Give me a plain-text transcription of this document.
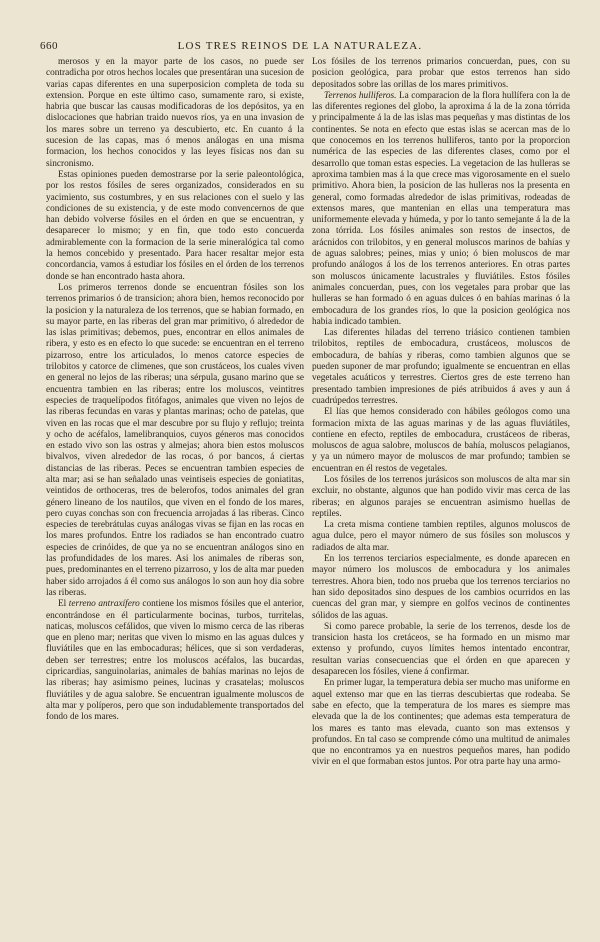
660	LOS TRES REINOS DE LA NATURALEZA.

merosos y en la mayor parte de los casos, no puede ser contradicha por otros hechos locales que presentáran una sucesion de varias capas diferentes en una superposicion completa de toda su extension. Porque en este último caso, sumamente raro, si existe, habria que buscar las causas modificadoras de los depósitos, ya en dislocaciones que habrian traido nuevos ríos, ya en una invasion de los mares sobre un terreno ya descubierto, etc. En cuanto á la sucesion de las capas, mas ó menos análogas en una misma formacion, los hechos conocidos y las leyes físicas nos dan su sincronismo.

Estas opiniones pueden demostrarse por la serie paleontológica, por los restos fósiles de seres organizados, considerados en su yacimiento, sus costumbres, y en sus relaciones con el suelo y las condiciones de su existencia, y de este modo convencernos de que han debido volverse fósiles en el órden en que se encuentran, y desaparecer lo mismo; y en fin, que todo esto concuerda admirablemente con la formacion de la serie mineralógica tal como la hemos concebido y presentado. Para hacer resaltar mejor esta concordancia, vamos á estudiar los fósiles en el órden de los terrenos donde se han encontrado hasta ahora.

Los primeros terrenos donde se encuentran fósiles son los terrenos primarios ó de transicion; ahora bien, hemos reconocido por la posicion y la naturaleza de los terrenos, que se habian formado, en su mayor parte, en las riberas del gran mar primitivo, ó alrededor de las islas primitivas; debemos, pues, encontrar en ellos animales de ribera, y esto es en efecto lo que sucede: se encuentran en el terreno pizarroso, entre los articulados, lo menos catorce especies de trilobitos y catorce de climenes, que son crustáceos, los cuales viven en general no lejos de las riberas; una sérpula, gusano marino que se encuentra tambien en las riberas; entre los moluscos, veintitres especies de traquelípodos fitófagos, animales que viven no lejos de las riberas fecundas en varas y plantas marinas; ocho de patelas, que viven en las rocas que el mar descubre por su flujo y reflujo; treinta y ocho de acéfalos, lamelibranquios, cuyos géneros mas conocidos en estado vivo son las ostras y almejas; ahora bien estos moluscos bivalvos, viven alrededor de las rocas, ó por bancos, á ciertas distancias de las riberas. Peces se encuentran tambien especies de alta mar; asi se han señalado unas veintiseis especies de goniatitas, veintidos de orthoceras, tres de belerofos, todos animales del gran género lineano de los nautilos, que viven en el fondo de los mares, pero cuyas conchas son con frecuencia arrojadas á las riberas. Cinco especies de terebrátulas cuyas análogas vivas se fijan en las rocas en los mares profundos. Entre los radiados se han encontrado cuatro especies de crinóides, de que ya no se encuentran análogos sino en las profundidades de los mares. Asi los animales de riberas son, pues, predominantes en el terreno pizarroso, y los de alta mar pueden haber sido arrojados á él como sus análogos lo son aun hoy dia sobre las riberas.

El terreno antraxífero contiene los mismos fósiles que el anterior, encontrándose en él particularmente bocinas, turbos, turritelas, naticas, moluscos cefálidos, que viven lo mismo cerca de las riberas que en pleno mar; neritas que viven lo mismo en las aguas dulces y fluviátiles que en las embocaduras; hélices, que si son verdaderas, deben ser terrestres; entre los moluscos acéfalos, las bucardas, cipricardias, sanguinolarias, animales de bahías marinas no lejos de las riberas; hay asimismo peines, lucinas y crasatelas; moluscos fluviátiles y de agua salobre. Se encuentran igualmente moluscos de alta mar y políperos, pero que son indudablemente transportados del fondo de los mares.

Los fósiles de los terrenos primarios concuerdan, pues, con su posicion geológica, para probar que estos terrenos han sido depositados sobre las orillas de los mares primitivos.

Terrenos hulliferos. La comparacion de la flora hullífera con la de las diferentes regiones del globo, la aproxima á la de la zona tórrida y principalmente á la de las islas mas pequeñas y mas distintas de los continentes. Se nota en efecto que estas islas se acercan mas de lo que conocemos en los terrenos hulliferos, tanto por la proporcion numérica de las especies de las diferentes clases, como por el desarrollo que toman estas especies. La vegetacion de las hulleras se aproxima tambien mas á la que crece mas vigorosamente en el suelo primitivo. Ahora bien, la posicion de las hulleras nos la presenta en general, como formadas alrededor de islas primitivas, rodeadas de extensos mares, que mantenian en ellas una temperatura mas uniformemente elevada y húmeda, y por lo tanto semejante á la de la zona tórrida. Los fósiles animales son restos de insectos, de arácnidos con trilobitos, y en general moluscos marinos de bahías y de aguas salobres; peines, mias y unio; ó bien moluscos de mar profundo análogos á los de los terrenos anteriores. En otras partes son moluscos únicamente lacustrales y fluviátiles. Estos fósiles animales concuerdan, pues, con los vegetales para probar que las hulleras se han formado ó en aguas dulces ó en bahías marinas ó la embocadura de los grandes ríos, lo que la posicion geológica nos habia indicado tambien.

Las diferentes hiladas del terreno triásico contienen tambien trilobitos, reptiles de embocadura, crustáceos, moluscos de embocadura, de bahías y riberas, como tambien algunos que se pueden suponer de mar profundo; igualmente se encuentran en ellas vegetales acuáticos y terrestres. Ciertos gres de este terreno han presentado tambien impresiones de piés atribuidos á aves y aun á cuadrúpedos terrestres.

El lías que hemos considerado con hábiles geólogos como una formacion mixta de las aguas marinas y de las aguas fluviátiles, contiene en efecto, reptiles de embocadura, crustáceos de riberas, moluscos de agua salobre, moluscos de bahía, moluscos pelagianos, y ya un número mayor de moluscos de mar profundo; tambien se encuentran en él restos de vegetales.

Los fósiles de los terrenos jurásicos son moluscos de alta mar sin excluir, no obstante, algunos que han podido vivir mas cerca de las riberas; en algunos parajes se encuentran asimismo huellas de reptiles.

La creta misma contiene tambien reptiles, algunos moluscos de agua dulce, pero el mayor número de sus fósiles son moluscos y radiados de alta mar.

En los terrenos terciarios especialmente, es donde aparecen en mayor número los moluscos de embocadura y los animales terrestres. Ahora bien, todo nos prueba que los terrenos terciarios no han sido depositados sino despues de los cambios ocurridos en las cuencas del gran mar, y siempre en golfos vecinos de continentes sólidos de las aguas.

Si como parece probable, la serie de los terrenos, desde los de transicion hasta los cretáceos, se ha formado en un mismo mar extenso y profundo, cuyos límites hemos intentado encontrar, resultan varias consecuencias que el órden en que aparecen y desaparecen los fósiles, viene á confirmar.

En primer lugar, la temperatura debia ser mucho mas uniforme en aquel extenso mar que en las tierras descubiertas que rodeaba. Se sabe en efecto, que la temperatura de los mares es siempre mas elevada que la de los continentes; que ademas esta temperatura de los mares es tanto mas elevada, cuanto son mas extensos y profundos. En tal caso se comprende cómo una multitud de animales que no encontramos ya en nuestros pequeños mares, han podido vivir en el que formaban estos juntos. Por otra parte hay una armo-
